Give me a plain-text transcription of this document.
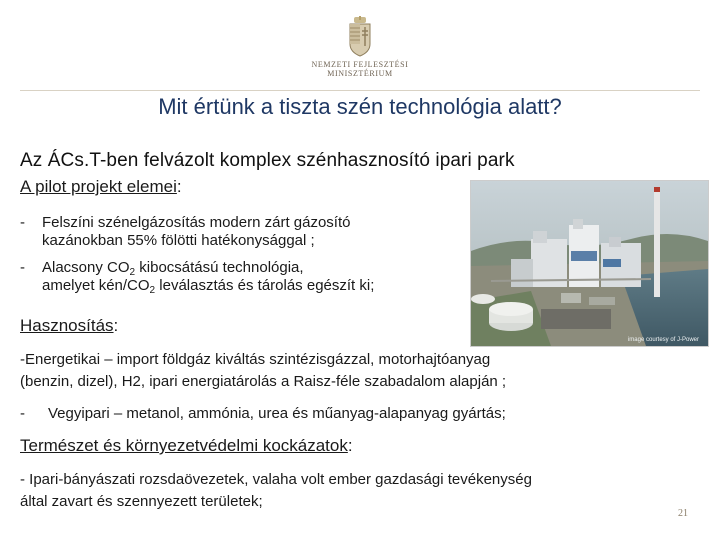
NEMZETI FEJLESZTÉSI
MINISZTÉRIUM
Mit értünk a tiszta szén technológia alatt?
Az ÁCs.T-ben felvázolt komplex szénhasznosító ipari park
A pilot projekt elemei:
image courtesy of J-Power
- Felszíni szénelgázosítás modern zárt gázosító
kazánokban 55% fölötti hatékonysággal ;
- Alacsony $CO_2$ kibocsátású technológia,
amelyet kén/$CO_2$ leválasztás és tárolás egészít ki;
Hasznosítás:
-Energetikai – import földgáz kiváltás szintézisgázzal, motorhajtóanyag
(benzin, dizel), H2, ipari energiatárolás a Raisz-féle szabadalom alapján ;
- Vegyipari – metanol, ammónia, urea és műanyag-alapanyag gyártás;
Természet és környezetvédelmi kockázatok:
- Ipari-bányászati rozsdaövezetek, valaha volt ember gazdasági tevékenység
által zavart és szennyezett területek;
21
